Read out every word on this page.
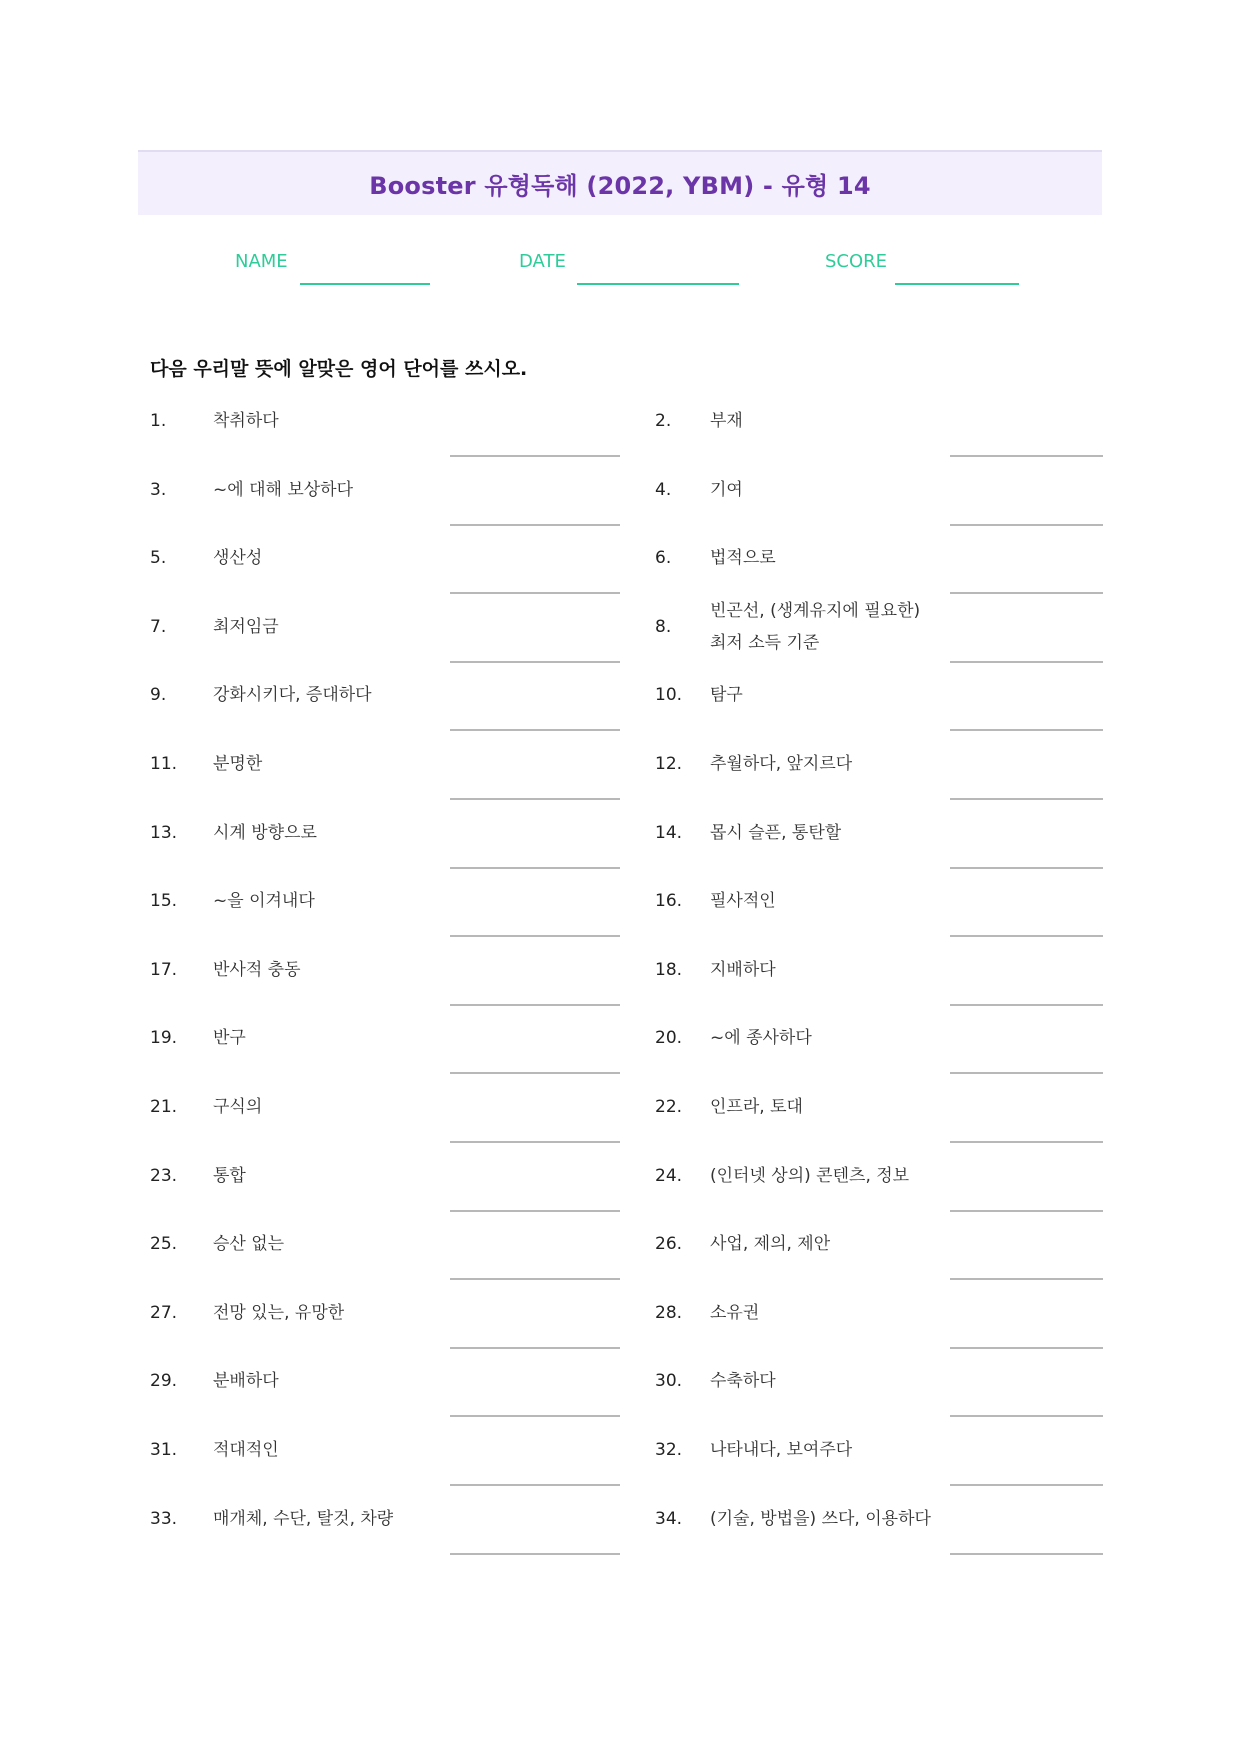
Booster 유형독해 (2022, YBM) - 유형 14
NAME	DATE	SCORE
다음 우리말 뜻에 알맞은 영어 단어를 쓰시오.
1.	착취하다	2. 부재
3.	~에 대해 보상하다	4. 기여
5.	생산성	6. 법적으로
7.	최저임금	8.
빈곤선, (생계유지에 필요한)
최저 소득 기준
9.	강화시키다, 증대하다	10. 탐구
11. 분명한	12. 추월하다, 앞지르다
13. 시계 방향으로	14. 몹시 슬픈, 통탄할
15. ~을 이겨내다	16. 필사적인
17. 반사적 충동	18. 지배하다
19. 반구	20. ~에 종사하다
21. 구식의	22. 인프라, 토대
23. 통합	24. (인터넷 상의) 콘텐츠, 정보
25. 승산 없는	26. 사업, 제의, 제안
27. 전망 있는, 유망한	28. 소유권
29. 분배하다	30. 수축하다
31. 적대적인	32. 나타내다, 보여주다
33. 매개체, 수단, 탈것, 차량	34. (기술, 방법을) 쓰다, 이용하다
